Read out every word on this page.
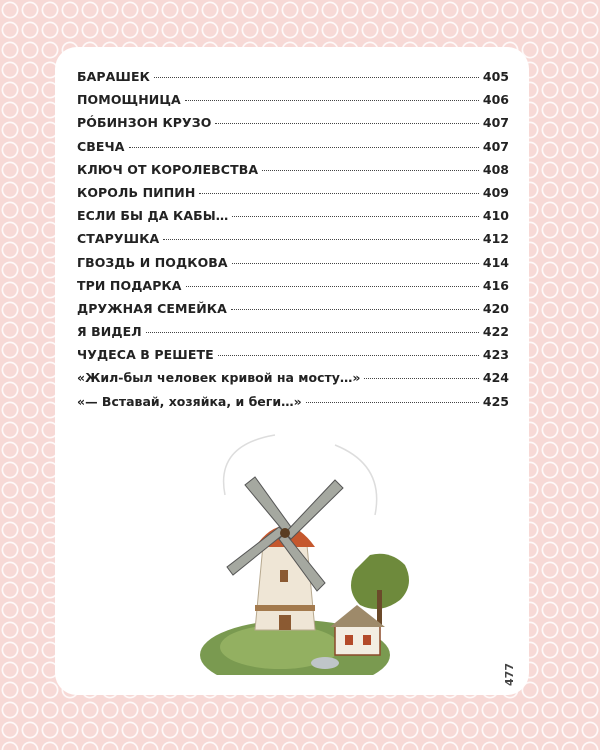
БАРАШЕК	405
ПОМОЩНИЦА	406
РÓБИНЗОН КРУЗО	407
СВЕЧА	407
КЛЮЧ ОТ КОРОЛЕВСТВА	408
КОРОЛЬ ПИПИН	409
ЕСЛИ БЫ ДА КАБЫ…	410
СТАРУШКА	412
ГВОЗДЬ И ПОДКОВА	414
ТРИ ПОДАРКА	416
ДРУЖНАЯ СЕМЕЙКА	420
Я ВИДЕЛ	422
ЧУДЕСА В РЕШЕТЕ	423
«Жил-был человек кривой на мосту…»	424
«— Вставай, хозяйка, и беги…»	425
477
